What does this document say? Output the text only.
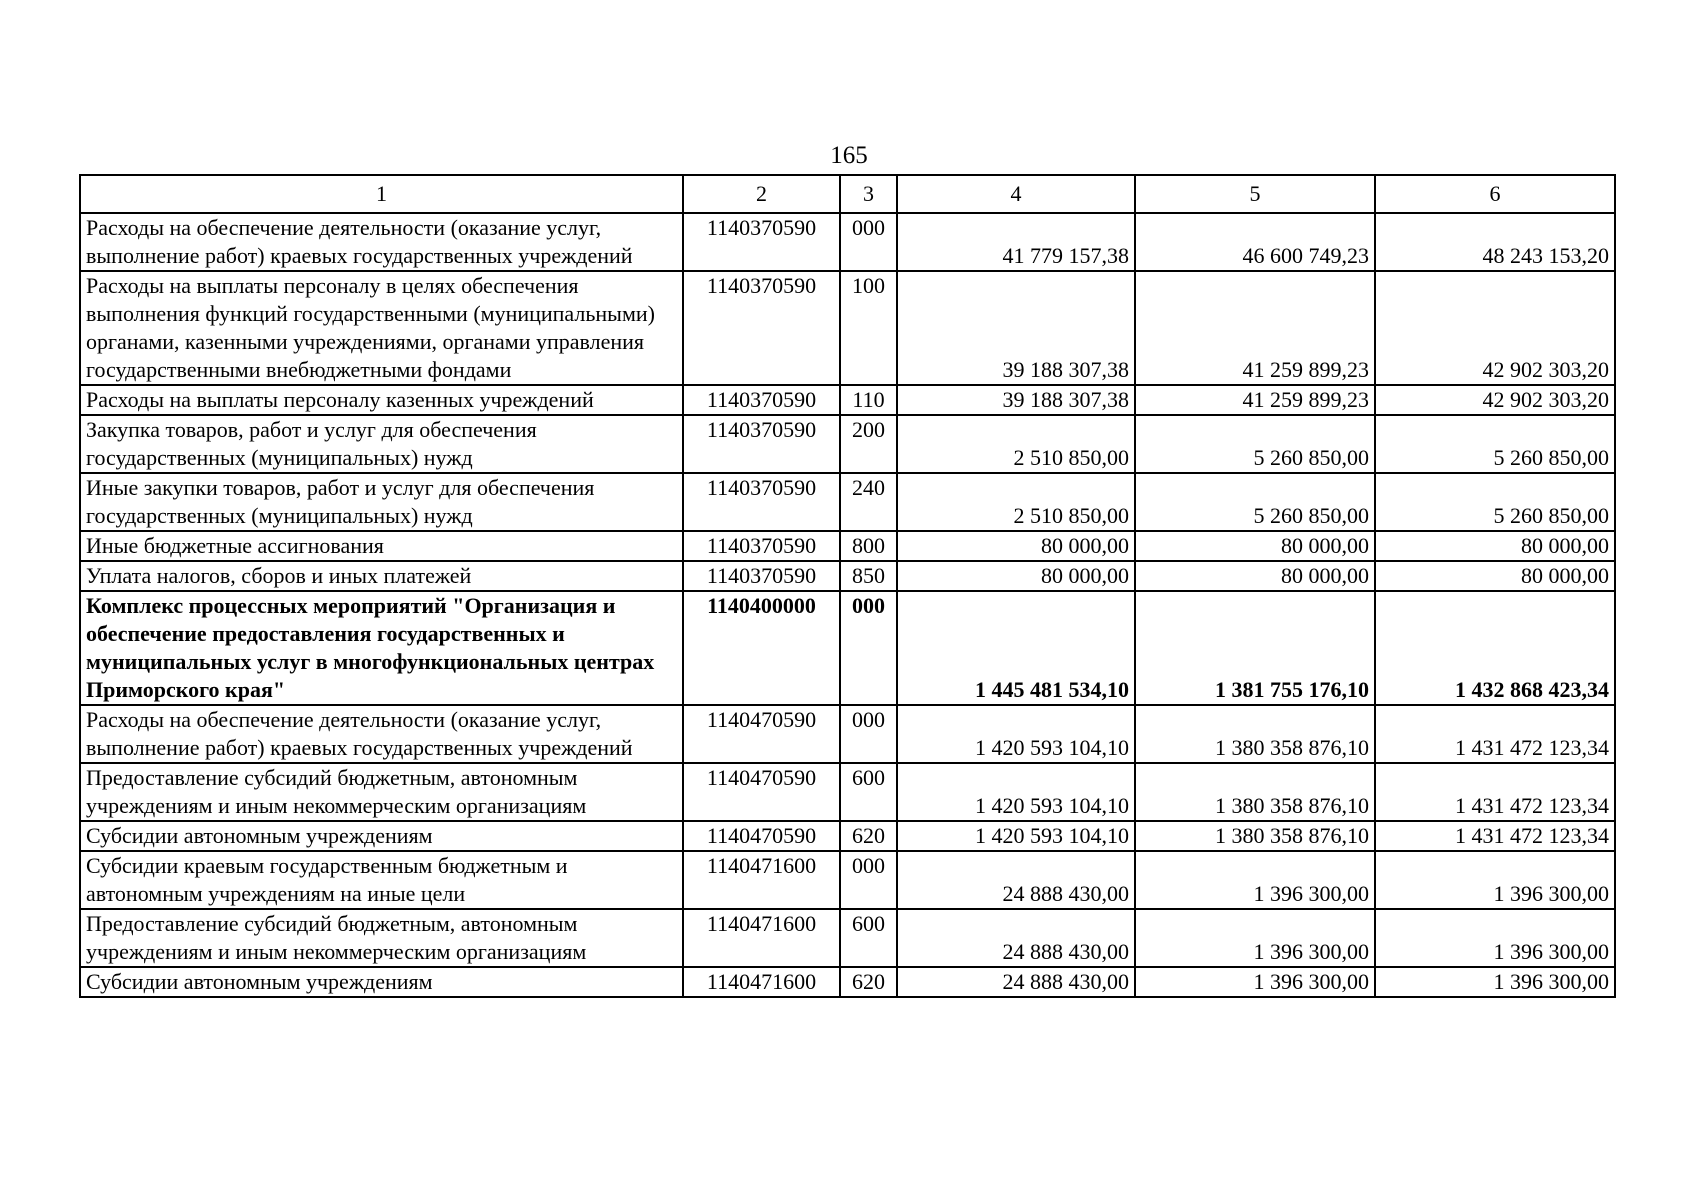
165
1	2	3	4	5	6
Расходы на обеспечение деятельности (оказание услуг, выполнение работ) краевых государственных учреждений	1140370590	000	41 779 157,38	46 600 749,23	48 243 153,20
Расходы на выплаты персоналу в целях обеспечения выполнения функций государственными (муниципальными) органами, казенными учреждениями, органами управления государственными внебюджетными фондами	1140370590	100	39 188 307,38	41 259 899,23	42 902 303,20
Расходы на выплаты персоналу казенных учреждений	1140370590	110	39 188 307,38	41 259 899,23	42 902 303,20
Закупка товаров, работ и услуг для обеспечения государственных (муниципальных) нужд	1140370590	200	2 510 850,00	5 260 850,00	5 260 850,00
Иные закупки товаров, работ и услуг для обеспечения государственных (муниципальных) нужд	1140370590	240	2 510 850,00	5 260 850,00	5 260 850,00
Иные бюджетные ассигнования	1140370590	800	80 000,00	80 000,00	80 000,00
Уплата налогов, сборов и иных платежей	1140370590	850	80 000,00	80 000,00	80 000,00
Комплекс процессных мероприятий "Организация и обеспечение предоставления государственных и муниципальных услуг в многофункциональных центрах Приморского края"	1140400000	000	1 445 481 534,10	1 381 755 176,10	1 432 868 423,34
Расходы на обеспечение деятельности (оказание услуг, выполнение работ) краевых государственных учреждений	1140470590	000	1 420 593 104,10	1 380 358 876,10	1 431 472 123,34
Предоставление субсидий бюджетным, автономным учреждениям и иным некоммерческим организациям	1140470590	600	1 420 593 104,10	1 380 358 876,10	1 431 472 123,34
Субсидии автономным учреждениям	1140470590	620	1 420 593 104,10	1 380 358 876,10	1 431 472 123,34
Субсидии краевым государственным бюджетным и автономным учреждениям на иные цели	1140471600	000	24 888 430,00	1 396 300,00	1 396 300,00
Предоставление субсидий бюджетным, автономным учреждениям и иным некоммерческим организациям	1140471600	600	24 888 430,00	1 396 300,00	1 396 300,00
Субсидии автономным учреждениям	1140471600	620	24 888 430,00	1 396 300,00	1 396 300,00
